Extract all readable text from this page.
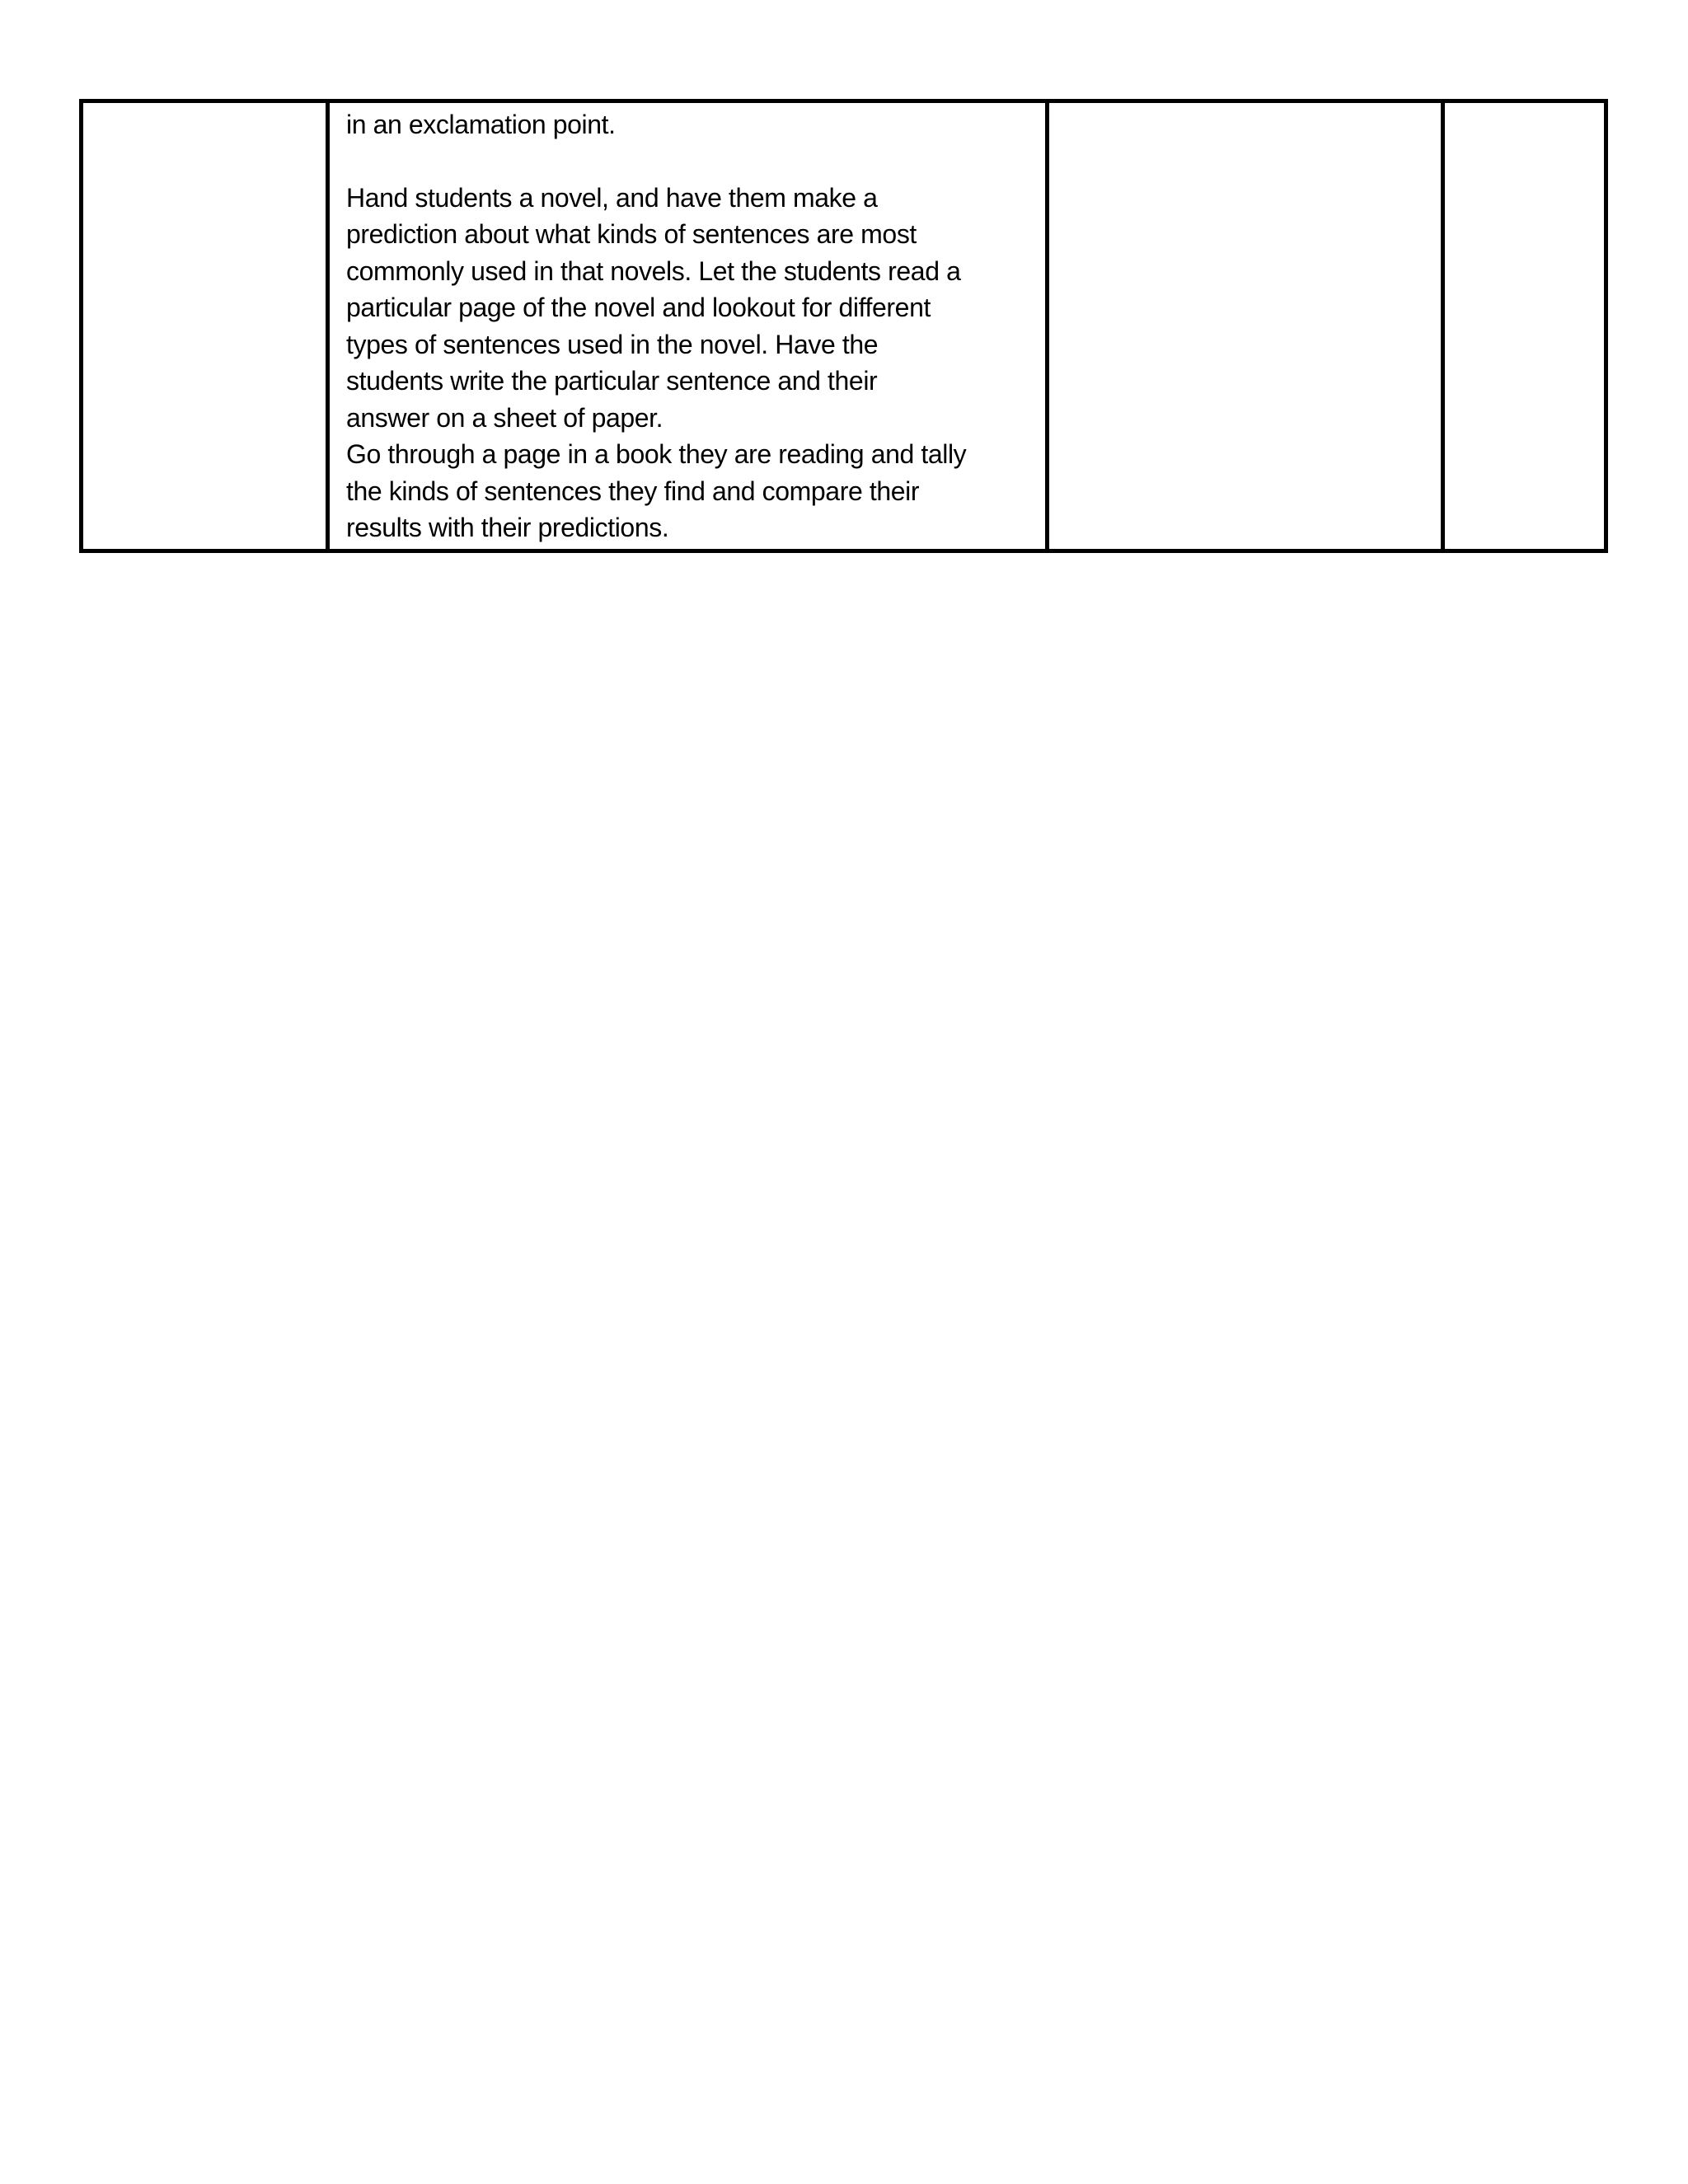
in an exclamation point.
Hand students a novel, and have them make a
prediction about what kinds of sentences are most
commonly used in that novels. Let the students read a
particular page of the novel and lookout for different
types of sentences used in the novel. Have the
students write the particular sentence and their
answer on a sheet of paper.
Go through a page in a book they are reading and tally
the kinds of sentences they find and compare their
results with their predictions.
